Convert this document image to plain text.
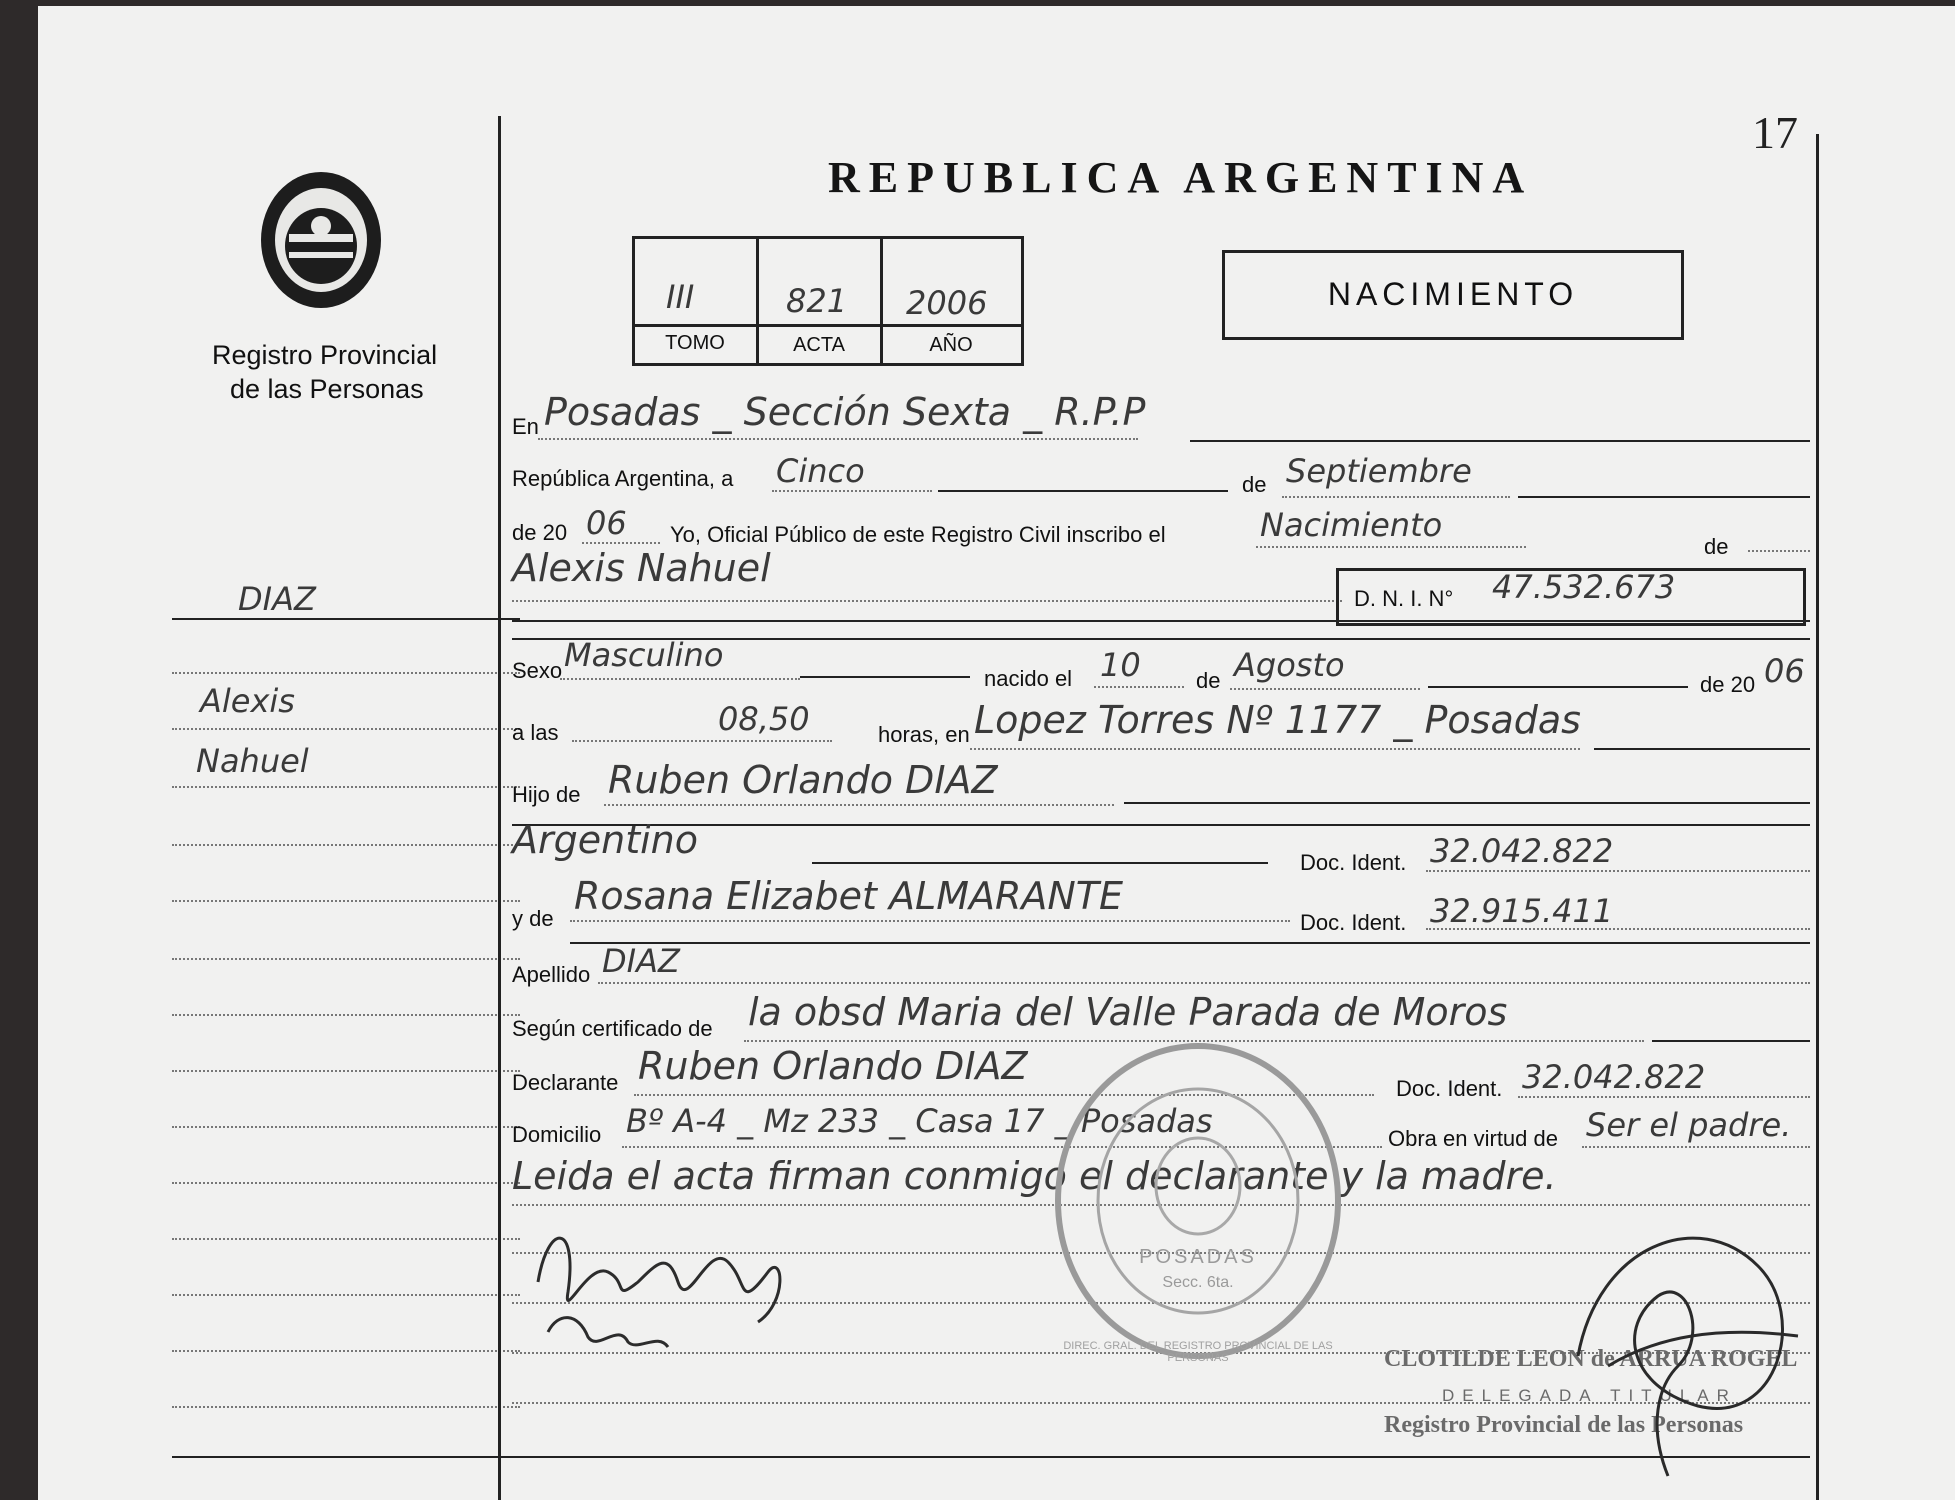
17
Registro Provincial
de las Personas
DIAZ
Alexis
Nahuel
REPUBLICA ARGENTINA
III	821 2006
TOMO	ACTA	AÑO
NACIMIENTO
En Posadas _ Sección Sexta _ R.P.P
República Argentina, a Cinco	de Septiembre
de 20 06 Yo, Oficial Público de este Registro Civil inscribo el	Nacimiento
de
Alexis Nahuel
D. N. I. N° 47.532.673
Sexo Masculino
nacido el 10	de Agosto
de 20 06
a las	08,50	horas, en Lopez Torres Nº 1177 _ Posadas
Hijo de Ruben Orlando DIAZ
Argentino
Doc. Ident. 32.042.822
y de
Rosana Elizabet ALMARANTE
Doc. Ident. 32.915.411
Apellido DIAZ
Según certificado de la obsd Maria del Valle Parada de Moros
Declarante Ruben Orlando DIAZ
Doc. Ident. 32.042.822
Domicilio Bº A-4 _ Mz 233 _ Casa 17 _ Posadas	Obra en virtud de Ser el padre.
Leida el acta firman conmigo el declarante y la madre.
Rubén Díaz
POSADAS
Secc. 6ta.
DIREC. GRAL. DEL REGISTRO PROVINCIAL DE LAS PERSONAS	CLOTILDE LEON de ARRUA ROGEL
DELEGADA TITULAR
Registro Provincial de las Personas
